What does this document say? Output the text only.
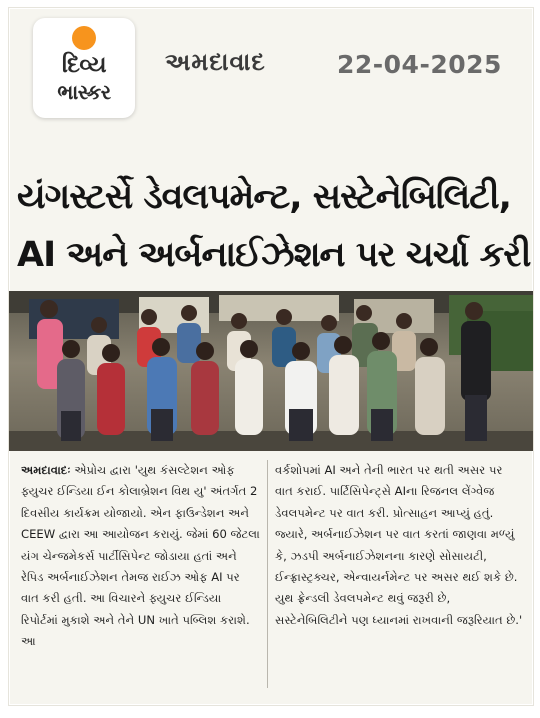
દિવ્ય
ભાસ્કર
અમદાવાદ	22-04-2025
યંગસ્ટર્સે ડેવલપમેન્ટ, સસ્ટેનેબિલિટી,
AI અને અર્બનાઈઝેશન પર ચર્ચા કરી
અમદાવાદઃ એપ્રોચ દ્વારા 'યુથ કંસલ્ટેશન ઓફ ફ્યુચર ઈન્ડિયા ઈન કોલાબ્રેશન વિથ યુ' અંતર્ગત 2 દિવસીય કાર્યક્રમ યોજાયો. એન ફાઉન્ડેશન અને CEEW દ્વારા આ આયોજન કરાયું. જેમાં 60 જેટલા યંગ ચેન્જમેકર્સ પાર્ટીસિપેન્ટ જોડાયા હતાં અને રેપિડ અર્બનાઈઝેશન તેમજ રાઈઝ ઓફ AI પર વાત કરી હતી. આ વિચારને ફ્યુચર ઈન્ડિયા રિપોર્ટમાં મુકાશે અને તેને UN ખાતે પબ્લિશ કરાશે. આ
વર્કશોપમાં AI અને તેની ભારત પર થતી અસર પર વાત કરાઈ. પાર્ટિસિપેન્ટ્સે AIના રિજનલ લેંગ્વેજ ડેવલપમેન્ટ પર વાત કરી. પ્રોત્સાહન આપ્યું હતું. જ્યારે, અર્બનાઈઝેશન પર વાત કરતાં જાણવા મળ્યું કે, ઝડપી અર્બનાઈઝેશનના કારણે સોસાયટી, ઈન્ફ્રાસ્ટ્રક્ચર, એન્વાયર્નમેન્ટ પર અસર થઈ શકે છે. યુથ ફ્રેન્ડલી ડેવલપમેન્ટ થવું જરૂરી છે, સસ્ટેનેબિલિટીને પણ ધ્યાનમાં રાખવાની જરૂરિયાત છે.'
